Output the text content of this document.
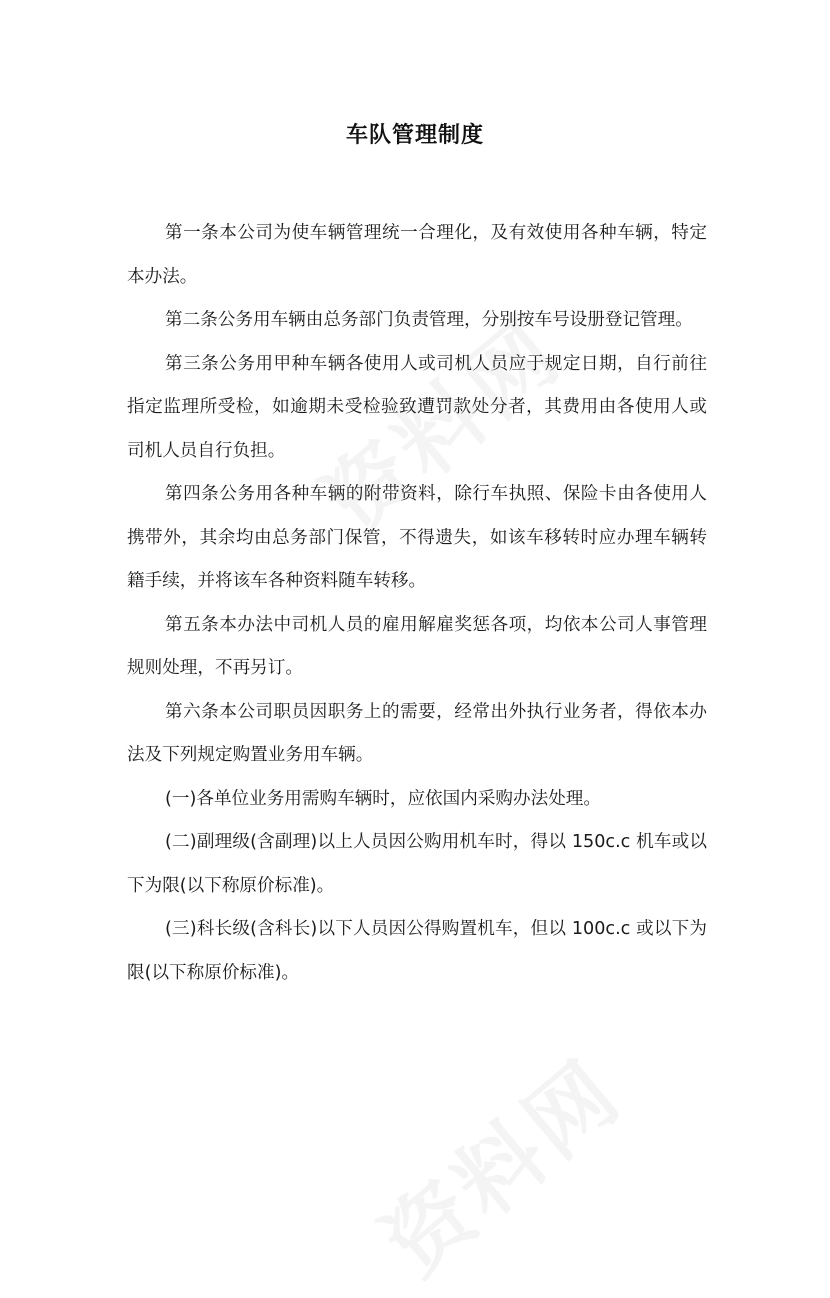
车队管理制度

第一条本公司为使车辆管理统一合理化，及有效使用各种车辆，特定本办法。

第二条公务用车辆由总务部门负责管理，分别按车号设册登记管理。

第三条公务用甲种车辆各使用人或司机人员应于规定日期，自行前往指定监理所受检，如逾期未受检验致遭罚款处分者，其费用由各使用人或司机人员自行负担。

第四条公务用各种车辆的附带资料，除行车执照、保险卡由各使用人携带外，其余均由总务部门保管，不得遗失，如该车移转时应办理车辆转籍手续，并将该车各种资料随车转移。

第五条本办法中司机人员的雇用解雇奖惩各项，均依本公司人事管理规则处理，不再另订。

第六条本公司职员因职务上的需要，经常出外执行业务者，得依本办法及下列规定购置业务用车辆。

(一)各单位业务用需购车辆时，应依国内采购办法处理。

(二)副理级(含副理)以上人员因公购用机车时，得以 150c.c 机车或以下为限(以下称原价标准)。

(三)科长级(含科长)以下人员因公得购置机车，但以 100c.c 或以下为限(以下称原价标准)。
